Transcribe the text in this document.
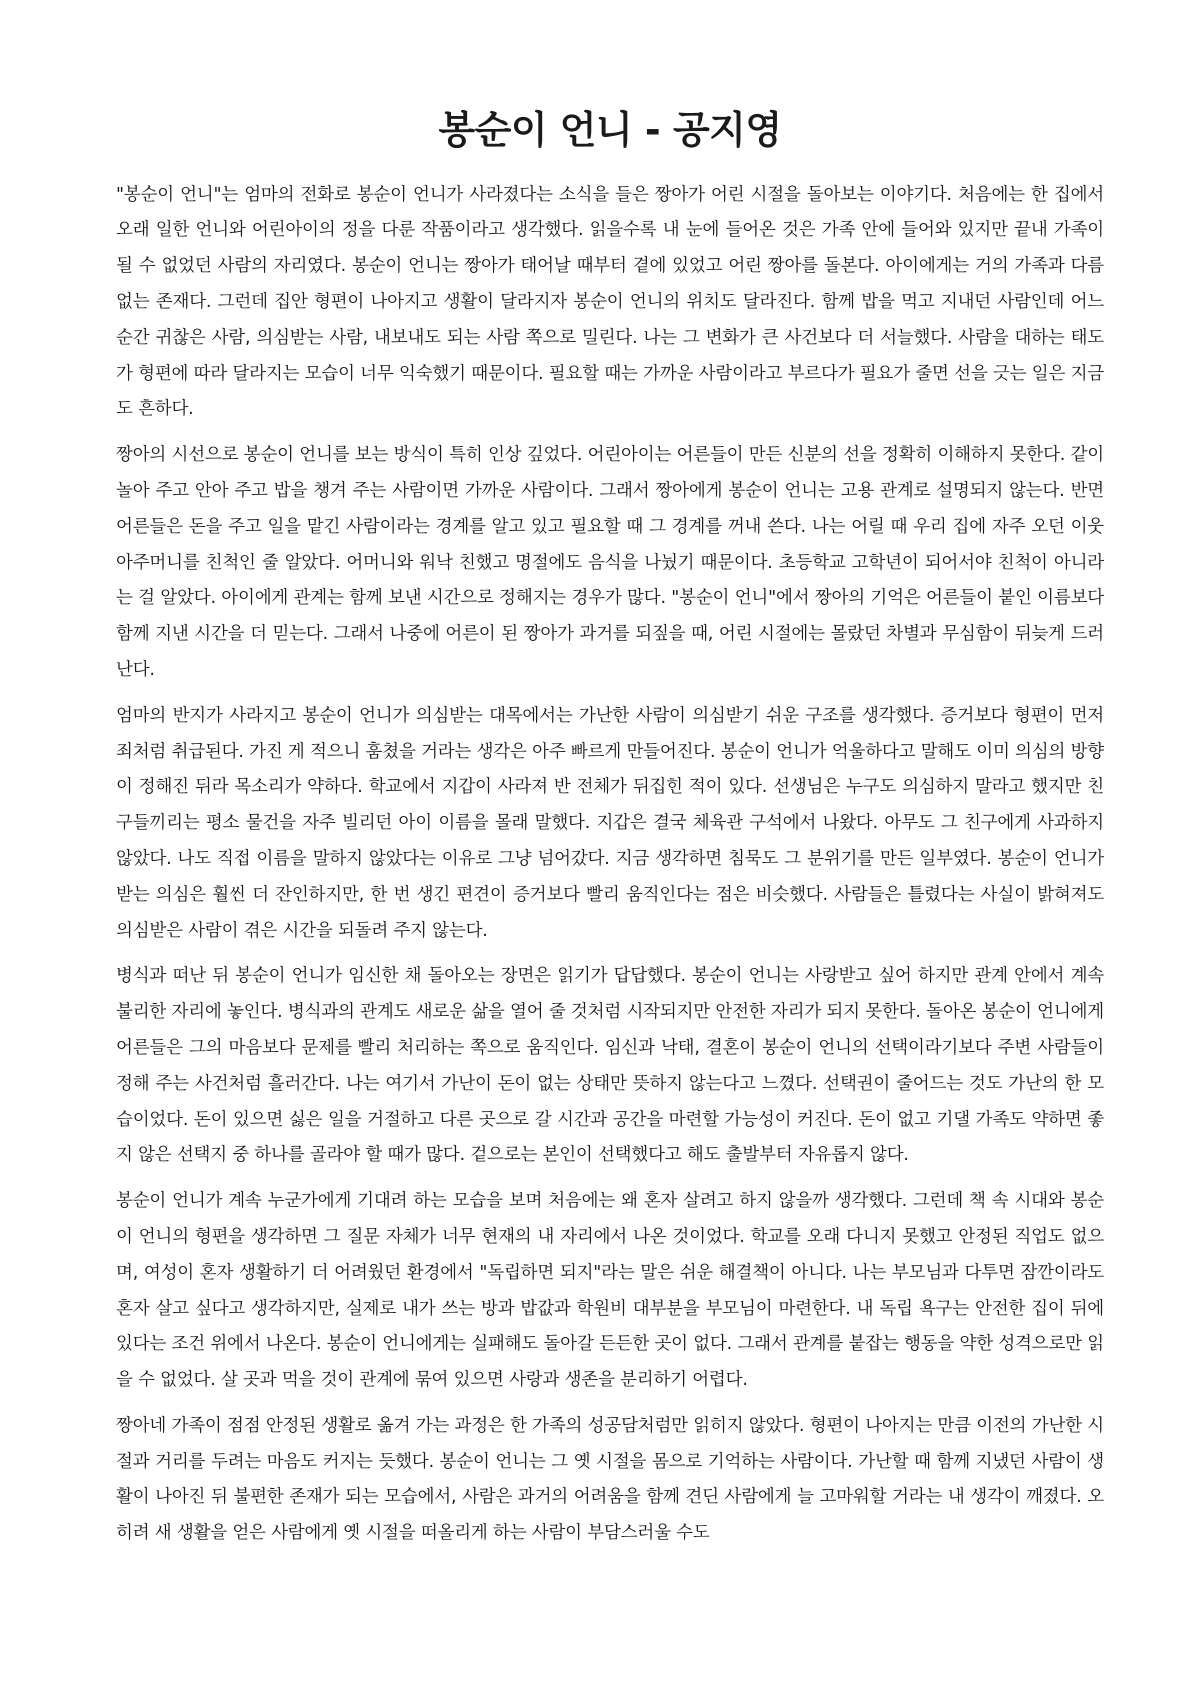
봉순이 언니 - 공지영

"봉순이 언니"는 엄마의 전화로 봉순이 언니가 사라졌다는 소식을 들은 짱아가 어린 시절을 돌아보는 이야기다. 처음에는 한 집에서 오래 일한 언니와 어린아이의 정을 다룬 작품이라고 생각했다. 읽을수록 내 눈에 들어온 것은 가족 안에 들어와 있지만 끝내 가족이 될 수 없었던 사람의 자리였다. 봉순이 언니는 짱아가 태어날 때부터 곁에 있었고 어린 짱아를 돌본다. 아이에게는 거의 가족과 다름없는 존재다. 그런데 집안 형편이 나아지고 생활이 달라지자 봉순이 언니의 위치도 달라진다. 함께 밥을 먹고 지내던 사람인데 어느 순간 귀찮은 사람, 의심받는 사람, 내보내도 되는 사람 쪽으로 밀린다. 나는 그 변화가 큰 사건보다 더 서늘했다. 사람을 대하는 태도가 형편에 따라 달라지는 모습이 너무 익숙했기 때문이다. 필요할 때는 가까운 사람이라고 부르다가 필요가 줄면 선을 긋는 일은 지금도 흔하다.

짱아의 시선으로 봉순이 언니를 보는 방식이 특히 인상 깊었다. 어린아이는 어른들이 만든 신분의 선을 정확히 이해하지 못한다. 같이 놀아 주고 안아 주고 밥을 챙겨 주는 사람이면 가까운 사람이다. 그래서 짱아에게 봉순이 언니는 고용 관계로 설명되지 않는다. 반면 어른들은 돈을 주고 일을 맡긴 사람이라는 경계를 알고 있고 필요할 때 그 경계를 꺼내 쓴다. 나는 어릴 때 우리 집에 자주 오던 이웃 아주머니를 친척인 줄 알았다. 어머니와 워낙 친했고 명절에도 음식을 나눴기 때문이다. 초등학교 고학년이 되어서야 친척이 아니라는 걸 알았다. 아이에게 관계는 함께 보낸 시간으로 정해지는 경우가 많다. "봉순이 언니"에서 짱아의 기억은 어른들이 붙인 이름보다 함께 지낸 시간을 더 믿는다. 그래서 나중에 어른이 된 짱아가 과거를 되짚을 때, 어린 시절에는 몰랐던 차별과 무심함이 뒤늦게 드러난다.

엄마의 반지가 사라지고 봉순이 언니가 의심받는 대목에서는 가난한 사람이 의심받기 쉬운 구조를 생각했다. 증거보다 형편이 먼저 죄처럼 취급된다. 가진 게 적으니 훔쳤을 거라는 생각은 아주 빠르게 만들어진다. 봉순이 언니가 억울하다고 말해도 이미 의심의 방향이 정해진 뒤라 목소리가 약하다. 학교에서 지갑이 사라져 반 전체가 뒤집힌 적이 있다. 선생님은 누구도 의심하지 말라고 했지만 친구들끼리는 평소 물건을 자주 빌리던 아이 이름을 몰래 말했다. 지갑은 결국 체육관 구석에서 나왔다. 아무도 그 친구에게 사과하지 않았다. 나도 직접 이름을 말하지 않았다는 이유로 그냥 넘어갔다. 지금 생각하면 침묵도 그 분위기를 만든 일부였다. 봉순이 언니가 받는 의심은 훨씬 더 잔인하지만, 한 번 생긴 편견이 증거보다 빨리 움직인다는 점은 비슷했다. 사람들은 틀렸다는 사실이 밝혀져도 의심받은 사람이 겪은 시간을 되돌려 주지 않는다.

병식과 떠난 뒤 봉순이 언니가 임신한 채 돌아오는 장면은 읽기가 답답했다. 봉순이 언니는 사랑받고 싶어 하지만 관계 안에서 계속 불리한 자리에 놓인다. 병식과의 관계도 새로운 삶을 열어 줄 것처럼 시작되지만 안전한 자리가 되지 못한다. 돌아온 봉순이 언니에게 어른들은 그의 마음보다 문제를 빨리 처리하는 쪽으로 움직인다. 임신과 낙태, 결혼이 봉순이 언니의 선택이라기보다 주변 사람들이 정해 주는 사건처럼 흘러간다. 나는 여기서 가난이 돈이 없는 상태만 뜻하지 않는다고 느꼈다. 선택권이 줄어드는 것도 가난의 한 모습이었다. 돈이 있으면 싫은 일을 거절하고 다른 곳으로 갈 시간과 공간을 마련할 가능성이 커진다. 돈이 없고 기댈 가족도 약하면 좋지 않은 선택지 중 하나를 골라야 할 때가 많다. 겉으로는 본인이 선택했다고 해도 출발부터 자유롭지 않다.

봉순이 언니가 계속 누군가에게 기대려 하는 모습을 보며 처음에는 왜 혼자 살려고 하지 않을까 생각했다. 그런데 책 속 시대와 봉순이 언니의 형편을 생각하면 그 질문 자체가 너무 현재의 내 자리에서 나온 것이었다. 학교를 오래 다니지 못했고 안정된 직업도 없으며, 여성이 혼자 생활하기 더 어려웠던 환경에서 "독립하면 되지"라는 말은 쉬운 해결책이 아니다. 나는 부모님과 다투면 잠깐이라도 혼자 살고 싶다고 생각하지만, 실제로 내가 쓰는 방과 밥값과 학원비 대부분을 부모님이 마련한다. 내 독립 욕구는 안전한 집이 뒤에 있다는 조건 위에서 나온다. 봉순이 언니에게는 실패해도 돌아갈 든든한 곳이 없다. 그래서 관계를 붙잡는 행동을 약한 성격으로만 읽을 수 없었다. 살 곳과 먹을 것이 관계에 묶여 있으면 사랑과 생존을 분리하기 어렵다.

짱아네 가족이 점점 안정된 생활로 옮겨 가는 과정은 한 가족의 성공담처럼만 읽히지 않았다. 형편이 나아지는 만큼 이전의 가난한 시절과 거리를 두려는 마음도 커지는 듯했다. 봉순이 언니는 그 옛 시절을 몸으로 기억하는 사람이다. 가난할 때 함께 지냈던 사람이 생활이 나아진 뒤 불편한 존재가 되는 모습에서, 사람은 과거의 어려움을 함께 견딘 사람에게 늘 고마워할 거라는 내 생각이 깨졌다. 오히려 새 생활을 얻은 사람에게 옛 시절을 떠올리게 하는 사람이 부담스러울 수도
